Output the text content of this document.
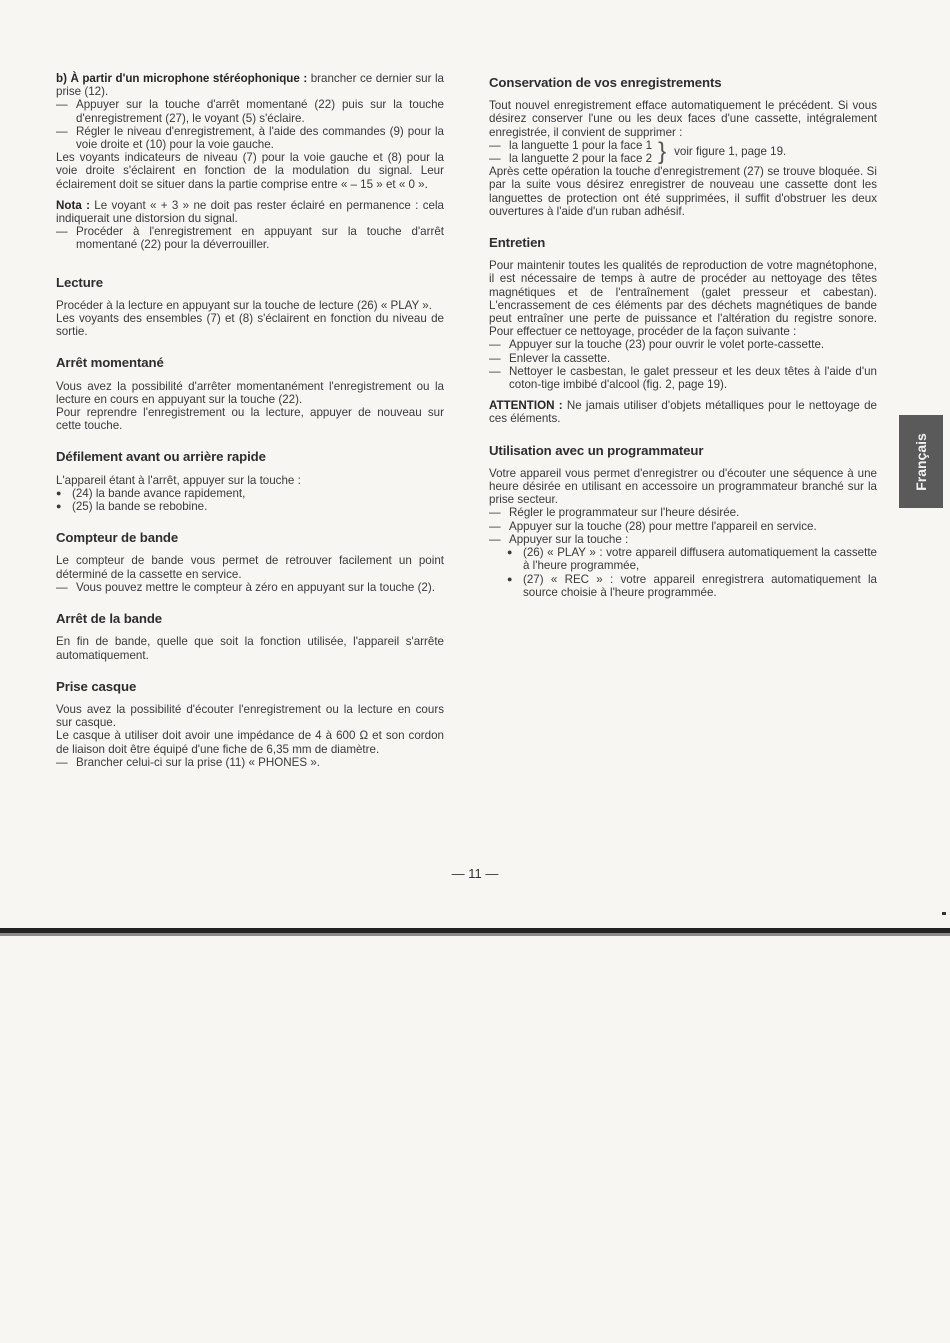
b) À partir d'un microphone stéréophonique : brancher ce dernier sur la prise (12).

— Appuyer sur la touche d'arrêt momentané (22) puis sur la touche d'enregistrement (27), le voyant (5) s'éclaire.
— Régler le niveau d'enregistrement, à l'aide des commandes (9) pour la voie droite et (10) pour la voie gauche.

Les voyants indicateurs de niveau (7) pour la voie gauche et (8) pour la voie droite s'éclairent en fonction de la modulation du signal. Leur éclairement doit se situer dans la partie comprise entre « – 15 » et « 0 ».

Nota : Le voyant « + 3 » ne doit pas rester éclairé en permanence : cela indiquerait une distorsion du signal.

— Procéder à l'enregistrement en appuyant sur la touche d'arrêt momentané (22) pour la déverrouiller.
Lecture

Procéder à la lecture en appuyant sur la touche de lecture (26) « PLAY ».

Les voyants des ensembles (7) et (8) s'éclairent en fonction du niveau de sortie.

Arrêt momentané

Vous avez la possibilité d'arrêter momentanément l'enregistrement ou la lecture en cours en appuyant sur la touche (22).

Pour reprendre l'enregistrement ou la lecture, appuyer de nouveau sur cette touche.

Défilement avant ou arrière rapide

L'appareil étant à l'arrêt, appuyer sur la touche :

● (24) la bande avance rapidement,
● (25) la bande se rebobine.
Compteur de bande

Le compteur de bande vous permet de retrouver facilement un point déterminé de la cassette en service.

— Vous pouvez mettre le compteur à zéro en appuyant sur la touche (2).
Arrêt de la bande

En fin de bande, quelle que soit la fonction utilisée, l'appareil s'arrête automatiquement.

Prise casque

Vous avez la possibilité d'écouter l'enregistrement ou la lecture en cours sur casque.

Le casque à utiliser doit avoir une impédance de 4 à 600 Ω et son cordon de liaison doit être équipé d'une fiche de 6,35 mm de diamètre.

— Brancher celui-ci sur la prise (11) « PHONES ».
Conservation de vos enregistrements

Tout nouvel enregistrement efface automatiquement le précédent. Si vous désirez conserver l'une ou les deux faces d'une cassette, intégralement enregistrée, il convient de supprimer :

— la languette 1 pour la face 1
— la languette 2 pour la face 2 } voir figure 1, page 19.

Après cette opération la touche d'enregistrement (27) se trouve bloquée. Si par la suite vous désirez enregistrer de nouveau une cassette dont les languettes de protection ont été supprimées, il suffit d'obstruer les deux ouvertures à l'aide d'un ruban adhésif.

Entretien

Pour maintenir toutes les qualités de reproduction de votre magnétophone, il est nécessaire de temps à autre de procéder au nettoyage des têtes magnétiques et de l'entraînement (galet presseur et cabestan). L'encrassement de ces éléments par des déchets magnétiques de bande peut entraîner une perte de puissance et l'altération du registre sonore. Pour effectuer ce nettoyage, procéder de la façon suivante :

— Appuyer sur la touche (23) pour ouvrir le volet porte-cassette.
— Enlever la cassette.
— Nettoyer le casbestan, le galet presseur et les deux têtes à l'aide d'un coton-tige imbibé d'alcool (fig. 2, page 19).

ATTENTION : Ne jamais utiliser d'objets métalliques pour le nettoyage de ces éléments.

Utilisation avec un programmateur

Votre appareil vous permet d'enregistrer ou d'écouter une séquence à une heure désirée en utilisant en accessoire un programmateur branché sur la prise secteur.

— Régler le programmateur sur l'heure désirée.
— Appuyer sur la touche (28) pour mettre l'appareil en service.
— Appuyer sur la touche :
● (26) « PLAY » : votre appareil diffusera automatiquement la cassette à l'heure programmée,
● (27) « REC » : votre appareil enregistrera automatiquement la source choisie à l'heure programmée.
Français
— 11 —
